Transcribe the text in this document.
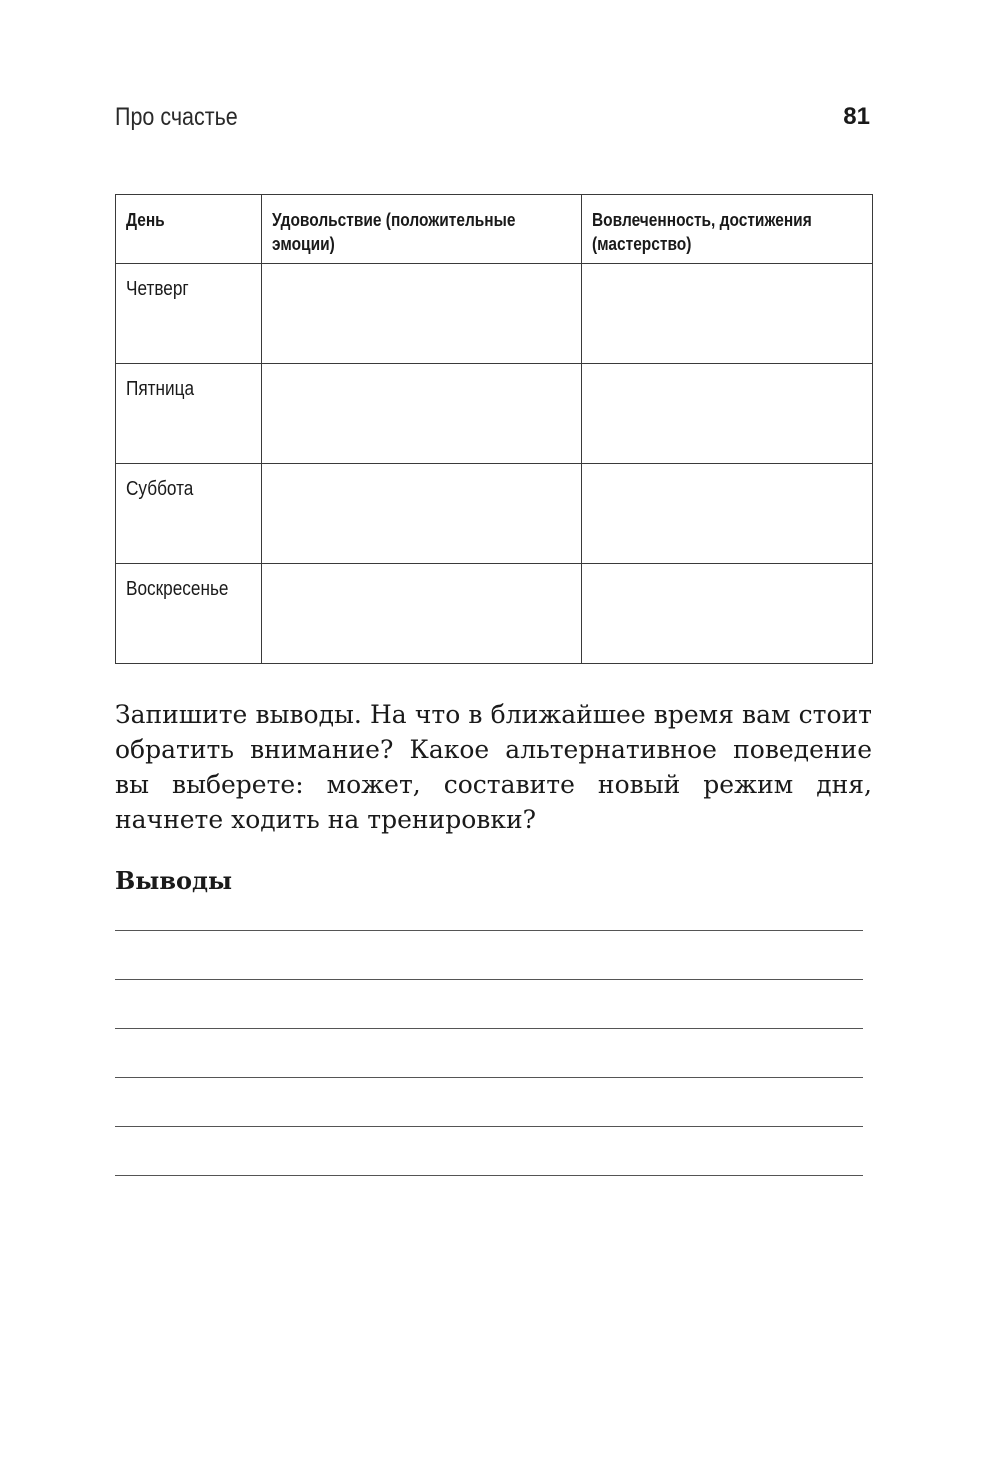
Про счастье	81
День	Удовольствие (положительные эмоции)	Вовлеченность, достижения (мастерство)

Четверг		
Пятница		
Суббота		
Воскресенье		

Запишите выводы. На что в ближайшее время вам стоит обратить внимание? Какое альтернативное поведение вы выберете: может, составите новый режим дня, начнете ходить на тренировки?

Выводы
